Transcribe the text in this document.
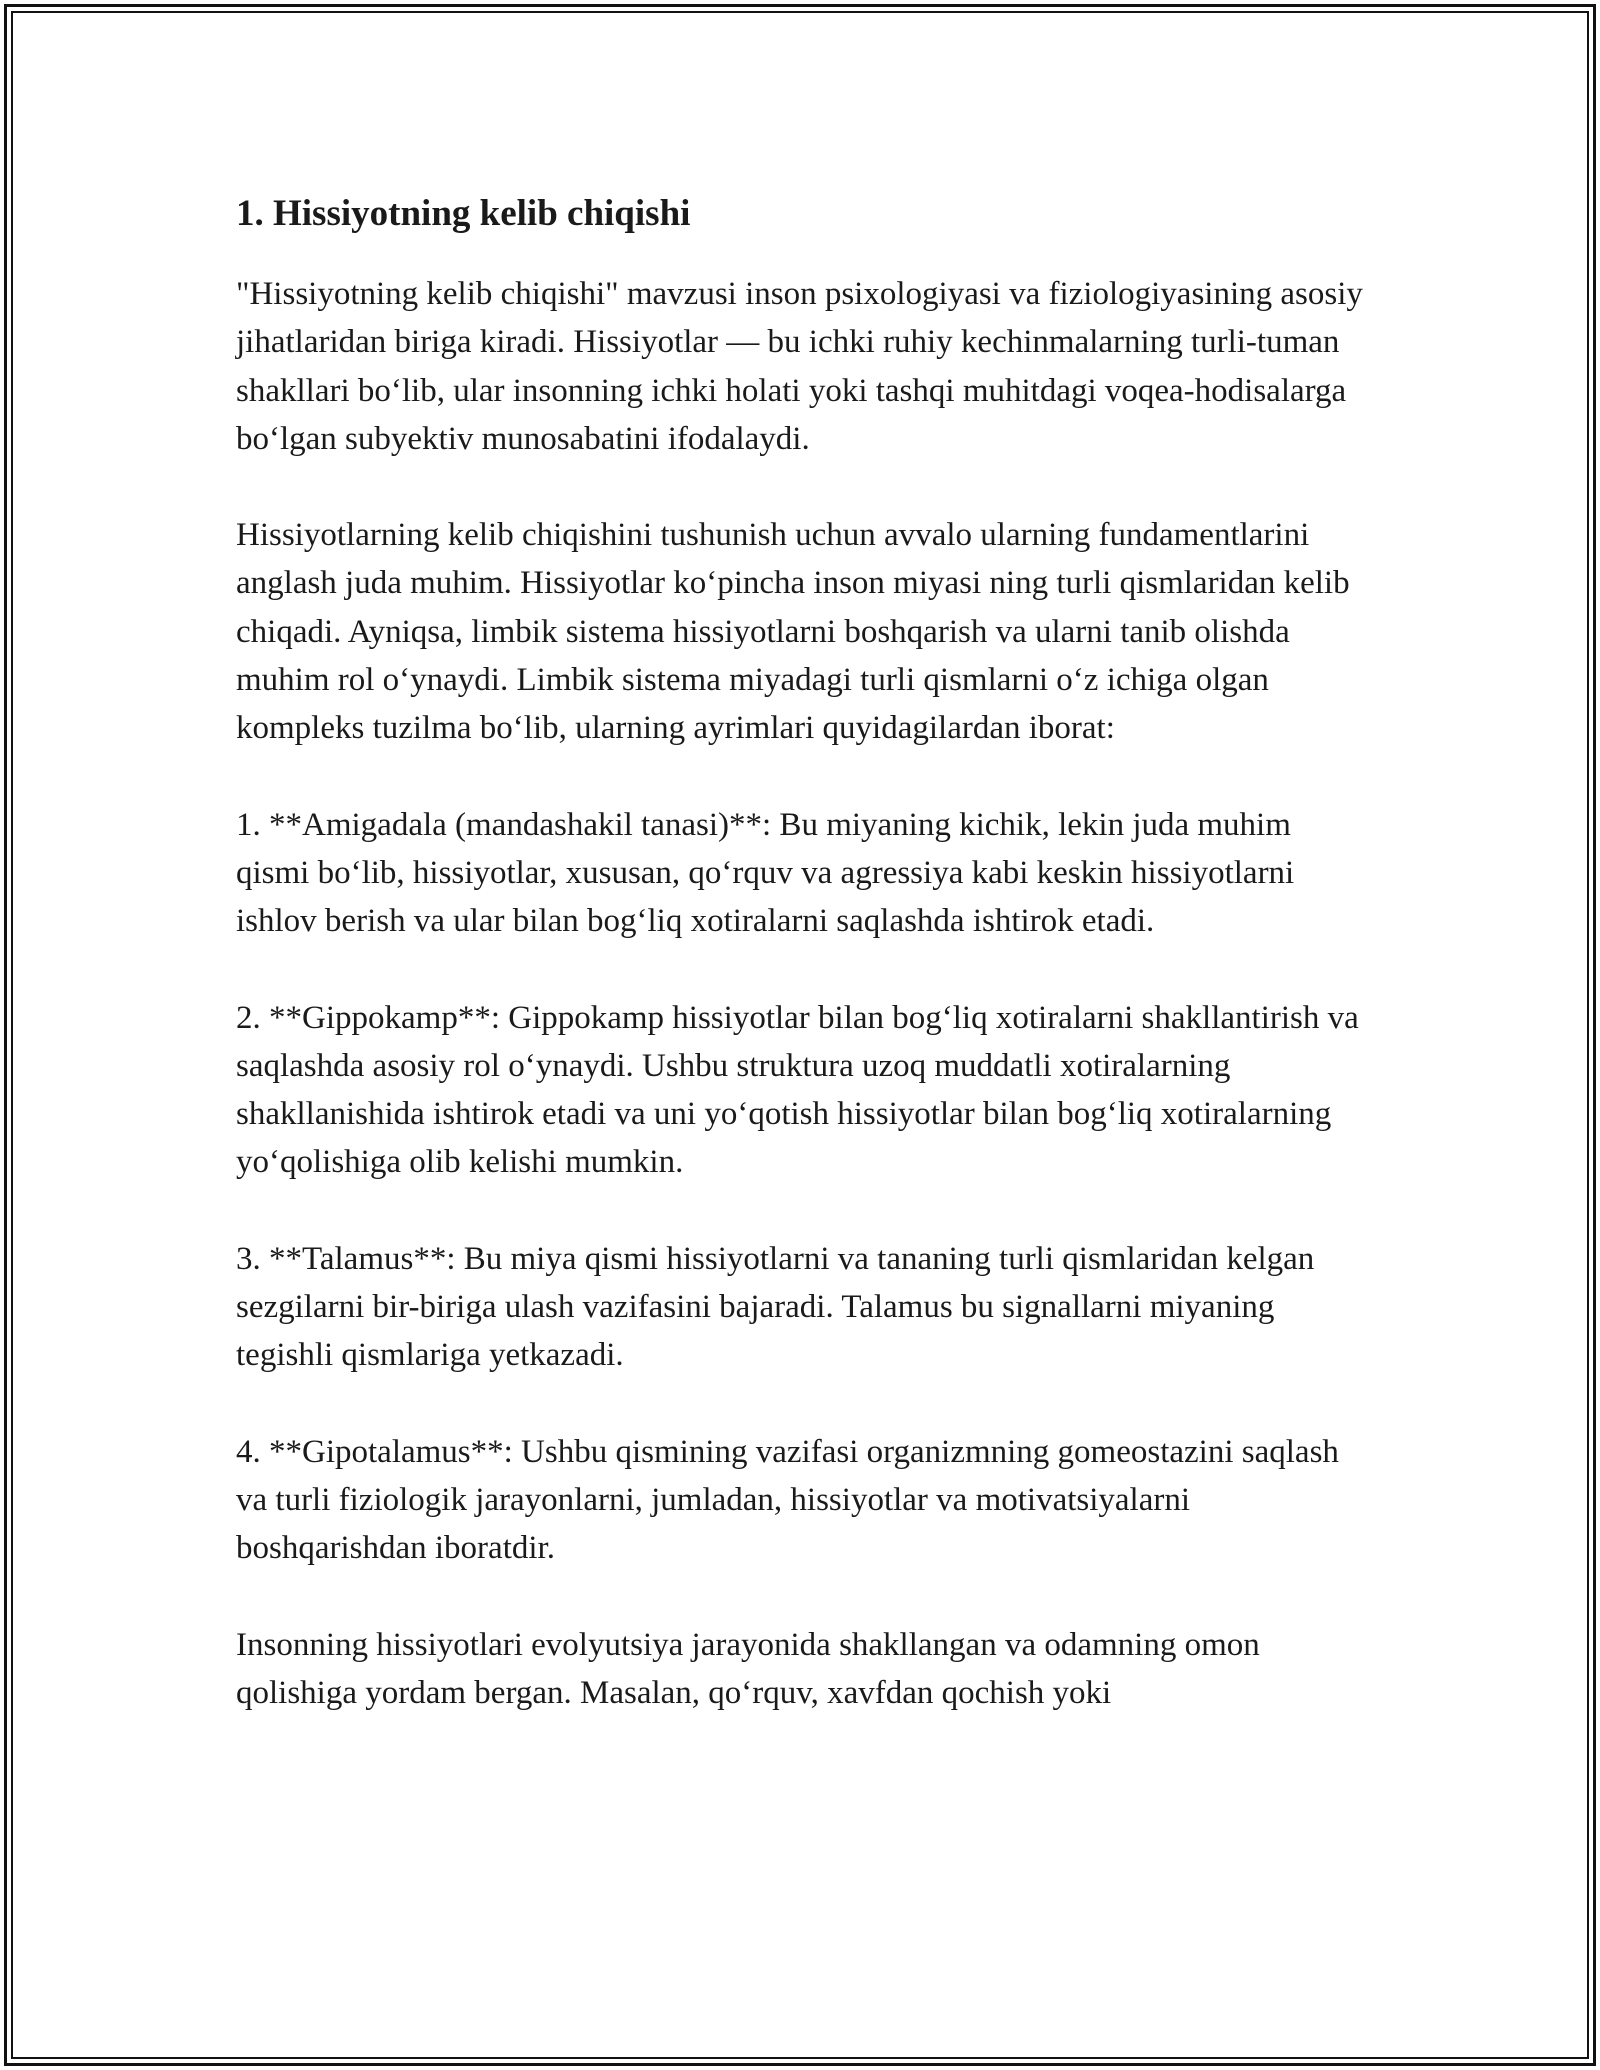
1. Hissiyotning kelib chiqishi

"Hissiyotning kelib chiqishi" mavzusi inson psixologiyasi va fiziologiyasining asosiy jihatlaridan biriga kiradi. Hissiyotlar — bu ichki ruhiy kechinmalarning turli-tuman shakllari bo‘lib, ular insonning ichki holati yoki tashqi muhitdagi voqea-hodisalarga bo‘lgan subyektiv munosabatini ifodalaydi.

Hissiyotlarning kelib chiqishini tushunish uchun avvalo ularning fundamentlarini anglash juda muhim. Hissiyotlar ko‘pincha inson miyasi ning turli qismlaridan kelib chiqadi. Ayniqsa, limbik sistema hissiyotlarni boshqarish va ularni tanib olishda muhim rol o‘ynaydi. Limbik sistema miyadagi turli qismlarni o‘z ichiga olgan kompleks tuzilma bo‘lib, ularning ayrimlari quyidagilardan iborat:

1. **Amigadala (mandashakil tanasi)**: Bu miyaning kichik, lekin juda muhim qismi bo‘lib, hissiyotlar, xususan, qo‘rquv va agressiya kabi keskin hissiyotlarni ishlov berish va ular bilan bog‘liq xotiralarni saqlashda ishtirok etadi.

2. **Gippokamp**: Gippokamp hissiyotlar bilan bog‘liq xotiralarni shakllantirish va saqlashda asosiy rol o‘ynaydi. Ushbu struktura uzoq muddatli xotiralarning shakllanishida ishtirok etadi va uni yo‘qotish hissiyotlar bilan bog‘liq xotiralarning yo‘qolishiga olib kelishi mumkin.

3. **Talamus**: Bu miya qismi hissiyotlarni va tananing turli qismlaridan kelgan sezgilarni bir-biriga ulash vazifasini bajaradi. Talamus bu signallarni miyaning tegishli qismlariga yetkazadi.

4. **Gipotalamus**: Ushbu qismining vazifasi organizmning gomeostazini saqlash va turli fiziologik jarayonlarni, jumladan, hissiyotlar va motivatsiyalarni boshqarishdan iboratdir.

Insonning hissiyotlari evolyutsiya jarayonida shakllangan va odamning omon qolishiga yordam bergan. Masalan, qo‘rquv, xavfdan qochish yoki
